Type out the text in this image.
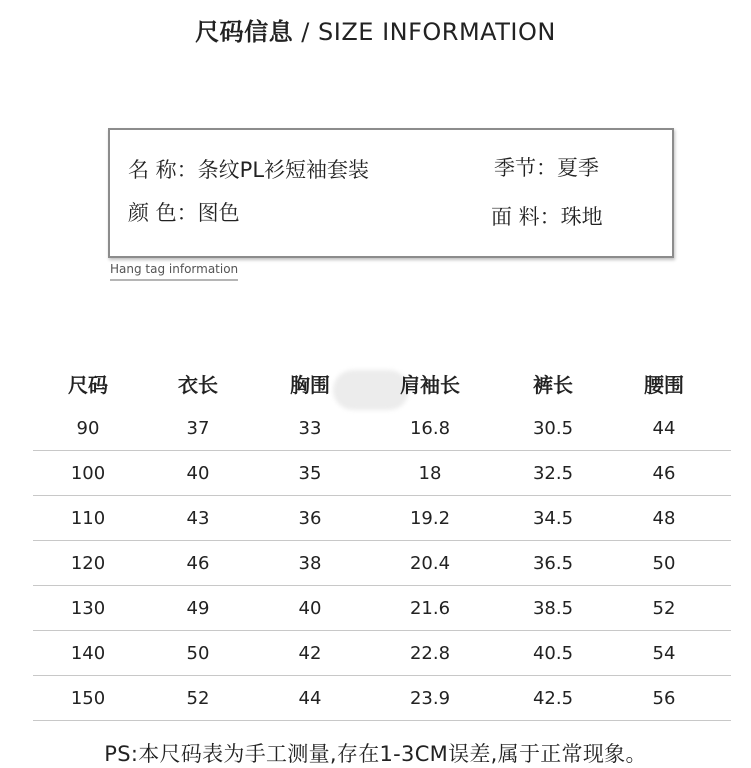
尺码信息 / SIZE INFORMATION
名 称：条纹PL衫短袖套装
颜 色：图色
季节：夏季
面 料：珠地
Hang tag information
尺码	衣长	胸围	肩袖长	裤长	腰围
90	37	33	16.8	30.5	44
100	40	35	18	32.5	46
110	43	36	19.2	34.5	48
120	46	38	20.4	36.5	50
130	49	40	21.6	38.5	52
140	50	42	22.8	40.5	54
150	52	44	23.9	42.5	56
PS:本尺码表为手工测量,存在1-3CM误差,属于正常现象。
